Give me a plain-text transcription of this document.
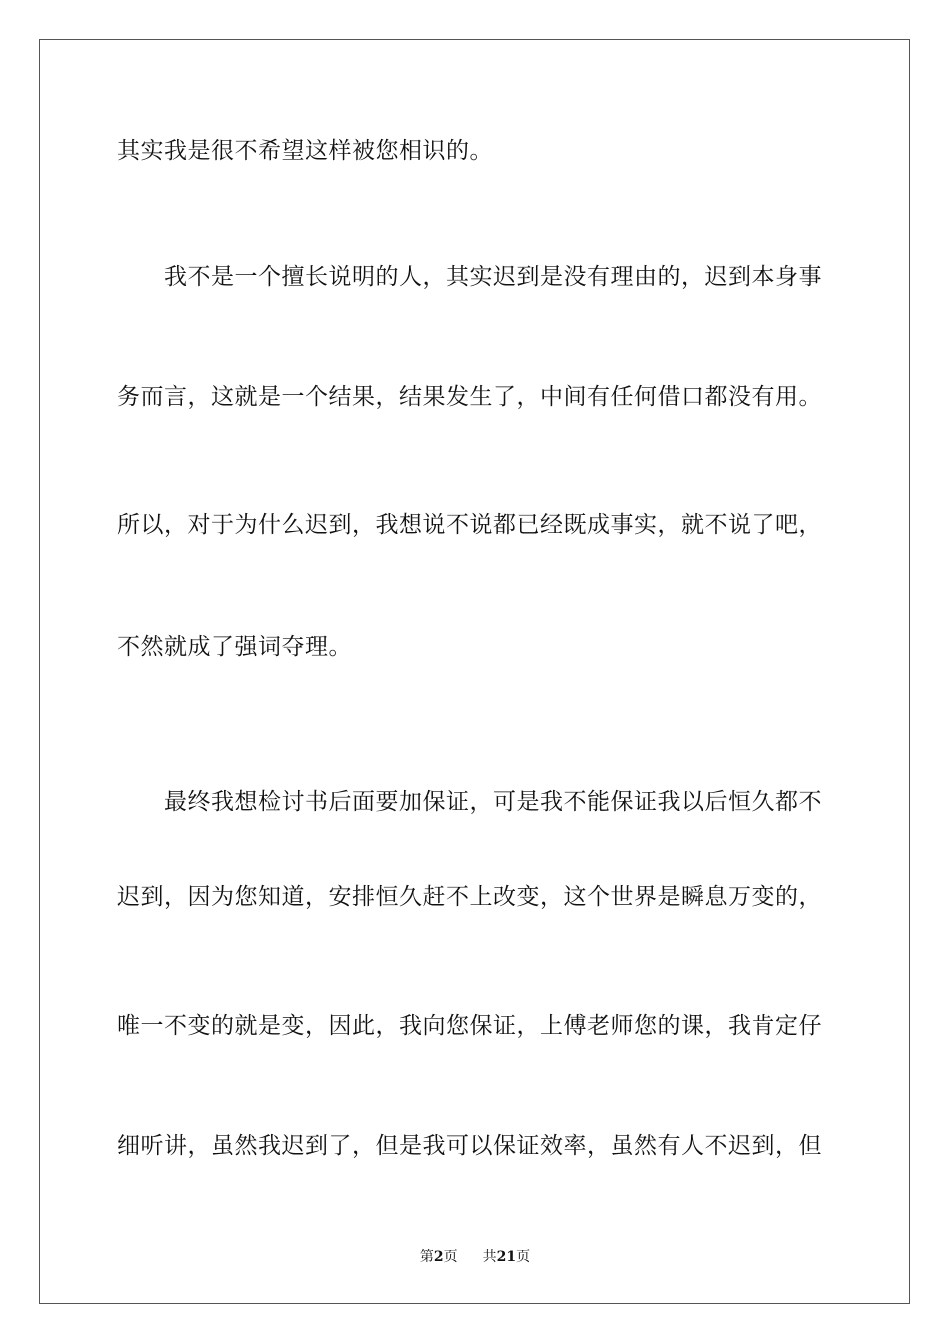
其实我是很不希望这样被您相识的。

我不是一个擅长说明的人，其实迟到是没有理由的，迟到本身事

务而言，这就是一个结果，结果发生了，中间有任何借口都没有用。

所以，对于为什么迟到，我想说不说都已经既成事实，就不说了吧，

不然就成了强词夺理。

最终我想检讨书后面要加保证，可是我不能保证我以后恒久都不

迟到，因为您知道，安排恒久赶不上改变，这个世界是瞬息万变的，

唯一不变的就是变，因此，我向您保证，上傅老师您的课，我肯定仔

细听讲，虽然我迟到了，但是我可以保证效率，虽然有人不迟到，但

第2页 共21页
